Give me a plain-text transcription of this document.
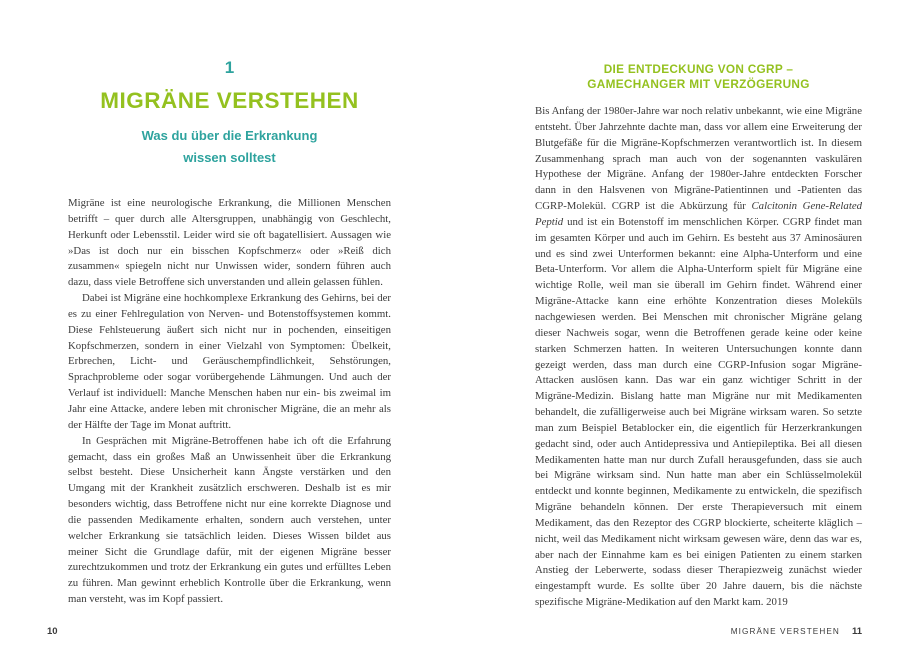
1
MIGRÄNE VERSTEHEN
Was du über die Erkrankung
wissen solltest

Migräne ist eine neurologische Erkrankung, die Millionen Menschen betrifft – quer durch alle Altersgruppen, unabhängig von Geschlecht, Herkunft oder Lebensstil. Leider wird sie oft bagatellisiert. Aussagen wie »Das ist doch nur ein bisschen Kopfschmerz« oder »Reiß dich zusammen« spiegeln nicht nur Unwissen wider, sondern führen auch dazu, dass viele Betroffene sich unverstanden und allein gelassen fühlen.

Dabei ist Migräne eine hochkomplexe Erkrankung des Gehirns, bei der es zu einer Fehlregulation von Nerven- und Botenstoffsystemen kommt. Diese Fehlsteuerung äußert sich nicht nur in pochenden, einseitigen Kopfschmerzen, sondern in einer Vielzahl von Symptomen: Übelkeit, Erbrechen, Licht- und Geräuschempfindlichkeit, Sehstörungen, Sprachprobleme oder sogar vorübergehende Lähmungen. Und auch der Verlauf ist individuell: Manche Menschen haben nur ein- bis zweimal im Jahr eine Attacke, andere leben mit chronischer Migräne, die an mehr als der Hälfte der Tage im Monat auftritt.

In Gesprächen mit Migräne-Betroffenen habe ich oft die Erfahrung gemacht, dass ein großes Maß an Unwissenheit über die Erkrankung selbst besteht. Diese Unsicherheit kann Ängste verstärken und den Umgang mit der Krankheit zusätzlich erschweren. Deshalb ist es mir besonders wichtig, dass Betroffene nicht nur eine korrekte Diagnose und die passenden Medikamente erhalten, sondern auch verstehen, unter welcher Erkrankung sie tatsächlich leiden. Dieses Wissen bildet aus meiner Sicht die Grundlage dafür, mit der eigenen Migräne besser zurechtzukommen und trotz der Erkrankung ein gutes und erfülltes Leben zu führen. Man gewinnt erheblich Kontrolle über die Erkrankung, wenn man versteht, was im Kopf passiert.

DIE ENTDECKUNG VON CGRP –
GAMECHANGER MIT VERZÖGERUNG

Bis Anfang der 1980er-Jahre war noch relativ unbekannt, wie eine Migräne entsteht. Über Jahrzehnte dachte man, dass vor allem eine Erweiterung der Blutgefäße für die Migräne-Kopfschmerzen verantwortlich ist. In diesem Zusammenhang sprach man auch von der sogenannten vaskulären Hypothese der Migräne. Anfang der 1980er-Jahre entdeckten Forscher dann in den Halsvenen von Migräne-Patientinnen und -Patienten das CGRP-Molekül. CGRP ist die Abkürzung für Calcitonin Gene-Related Peptid und ist ein Botenstoff im menschlichen Körper. CGRP findet man im gesamten Körper und auch im Gehirn. Es besteht aus 37 Aminosäuren und es sind zwei Unterformen bekannt: eine Alpha-Unterform und eine Beta-Unterform. Vor allem die Alpha-Unterform spielt für Migräne eine wichtige Rolle, weil man sie überall im Gehirn findet. Während einer Migräne-Attacke kann eine erhöhte Konzentration dieses Moleküls nachgewiesen werden. Bei Menschen mit chronischer Migräne gelang dieser Nachweis sogar, wenn die Betroffenen gerade keine oder keine starken Schmerzen hatten. In weiteren Untersuchungen konnte dann gezeigt werden, dass man durch eine CGRP-Infusion sogar Migräne-Attacken auslösen kann. Das war ein ganz wichtiger Schritt in der Migräne-Medizin. Bislang hatte man Migräne nur mit Medikamenten behandelt, die zufälligerweise auch bei Migräne wirksam waren. So setzte man zum Beispiel Betablocker ein, die eigentlich für Herzerkrankungen gedacht sind, oder auch Antidepressiva und Antiepileptika. Bei all diesen Medikamenten hatte man nur durch Zufall herausgefunden, dass sie auch bei Migräne wirksam sind. Nun hatte man aber ein Schlüsselmolekül entdeckt und konnte beginnen, Medikamente zu entwickeln, die spezifisch Migräne behandeln können. Der erste Therapieversuch mit einem Medikament, das den Rezeptor des CGRP blockierte, scheiterte kläglich – nicht, weil das Medikament nicht wirksam gewesen wäre, denn das war es, aber nach der Einnahme kam es bei einigen Patienten zu einem starken Anstieg der Leberwerte, sodass dieser Therapiezweig zunächst wieder eingestampft wurde. Es sollte über 20 Jahre dauern, bis die nächste spezifische Migräne-Medikation auf den Markt kam. 2019

10	MIGRÄNE VERSTEHEN 11
